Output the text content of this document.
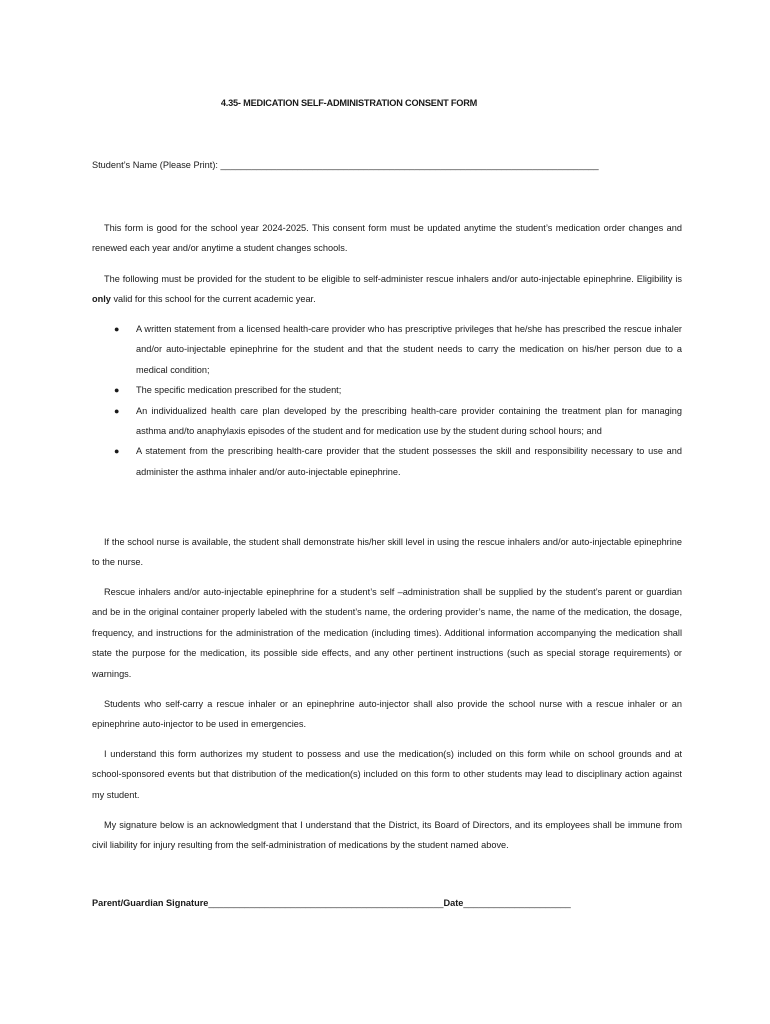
4.35- MEDICATION SELF-ADMINISTRATION CONSENT FORM
Student’s Name (Please Print): __________________________________________________________________________

This form is good for the school year 2024-2025. This consent form must be updated anytime the student’s medication order changes and renewed each year and/or anytime a student changes schools.

The following must be provided for the student to be eligible to self-administer rescue inhalers and/or auto-injectable epinephrine. Eligibility is only valid for this school for the current academic year.

● A written statement from a licensed health-care provider who has prescriptive privileges that he/she has prescribed the rescue inhaler and/or auto-injectable epinephrine for the student and that the student needs to carry the medication on his/her person due to a medical condition;
● The specific medication prescribed for the student;
● An individualized health care plan developed by the prescribing health-care provider containing the treatment plan for managing asthma and/to anaphylaxis episodes of the student and for medication use by the student during school hours; and
● A statement from the prescribing health-care provider that the student possesses the skill and responsibility necessary to use and administer the asthma inhaler and/or auto-injectable epinephrine.

If the school nurse is available, the student shall demonstrate his/her skill level in using the rescue inhalers and/or auto-injectable epinephrine to the nurse.

Rescue inhalers and/or auto-injectable epinephrine for a student’s self –administration shall be supplied by the student’s parent or guardian and be in the original container properly labeled with the student’s name, the ordering provider’s name, the name of the medication, the dosage, frequency, and instructions for the administration of the medication (including times). Additional information accompanying the medication shall state the purpose for the medication, its possible side effects, and any other pertinent instructions (such as special storage requirements) or warnings.

Students who self-carry a rescue inhaler or an epinephrine auto-injector shall also provide the school nurse with a rescue inhaler or an epinephrine auto-injector to be used in emergencies.

I understand this form authorizes my student to possess and use the medication(s) included on this form while on school grounds and at school-sponsored events but that distribution of the medication(s) included on this form to other students may lead to disciplinary action against my student.

My signature below is an acknowledgment that I understand that the District, its Board of Directors, and its employees shall be immune from civil liability for injury resulting from the self-administration of medications by the student named above.

Parent/Guardian Signature______________________________________________Date_____________________
